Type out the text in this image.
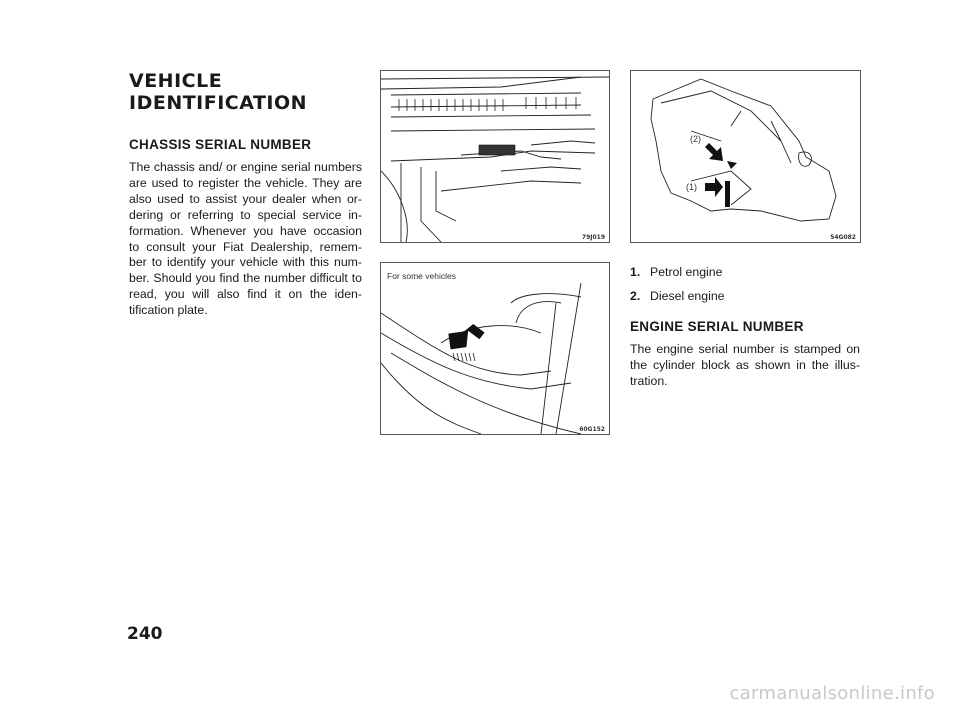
VEHICLE
IDENTIFICATION
CHASSIS SERIAL NUMBER
The chassis and/ or engine serial numbers are used to register the vehicle. They are also used to assist your dealer when or- dering or referring to special service in- formation. Whenever you have occasion to consult your Fiat Dealership, remem- ber to identify your vehicle with this num- ber. Should you find the number difficult to read, you will also find it on the iden- tification plate.
79J019
For some vehicles
60G152
(2)
(1)
54G082
1. Petrol engine
2. Diesel engine
ENGINE SERIAL NUMBER
The engine serial number is stamped on the cylinder block as shown in the illus- tration.
240
carmanualsonline.info
